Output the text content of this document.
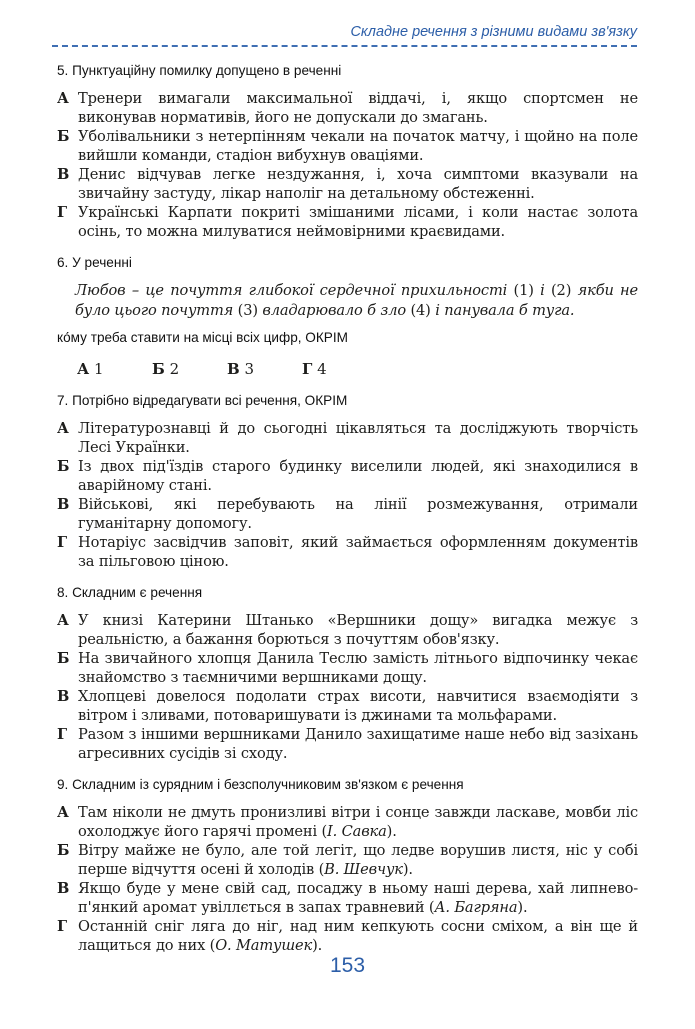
Складне речення з різними видами зв'язку
5. Пунктуаційну помилку допущено в реченні
А Тренери вимагали максимальної віддачі, і, якщо спортсмен не виконував нормативів, його не допускали до змагань.
Б Уболівальники з нетерпінням чекали на початок матчу, і щойно на поле вийшли команди, стадіон вибухнув оваціями.
В Денис відчував легке нездужання, і, хоча симптоми вказували на звичайну застуду, лікар наполіг на детальному обстеженні.
Г Українські Карпати покриті змішаними лісами, і коли настає золота осінь, то можна милуватися неймовірними краєвидами.
6. У реченні
Любов – це почуття глибокої сердечної прихильності (1) і (2) якби не було цього почуття (3) владарювало б зло (4) і панувала б туга.
ко́му треба ставити на місці всіх цифр, ОКРІМ
А 1	Б 2	В 3	Г 4
7. Потрібно відредагувати всі речення, ОКРІМ
А Літературознавці й до сьогодні цікавляться та досліджують творчість Лесі Українки.
Б Із двох під'їздів старого будинку виселили людей, які знаходилися в аварійному стані.
В Військові, які перебувають на лінії розмежування, отримали гуманітарну допомогу.
Г Нотаріус засвідчив заповіт, який займається оформленням документів за пільговою ціною.
8. Складним є речення
А У книзі Катерини Штанько «Вершники дощу» вигадка межує з реальністю, а бажання борються з почуттям обов'язку.
Б На звичайного хлопця Данила Теслю замість літнього відпочинку чекає знайомство з таємничими вершниками дощу.
В Хлопцеві довелося подолати страх висоти, навчитися взаємодіяти з вітром і зливами, потоваришувати із джинами та мольфарами.
Г Разом з іншими вершниками Данило захищатиме наше небо від зазіхань агресивних сусідів зі сходу.
9. Складним із сурядним і безсполучниковим зв'язком є речення
А Там ніколи не дмуть пронизливі вітри і сонце завжди ласкаве, мовби ліс охолоджує його гарячі промені (І. Савка).
Б Вітру майже не було, але той легіт, що ледве ворушив листя, ніс у собі перше відчуття осені й холодів (В. Шевчук).
В Якщо буде у мене свій сад, посаджу в ньому наші дерева, хай липнево-п'янкий аромат увіллється в запах травневий (А. Багряна).
Г Останній сніг ляга до ніг, над ним кепкують сосни сміхом, а він ще й лащиться до них (О. Матушек).
153
